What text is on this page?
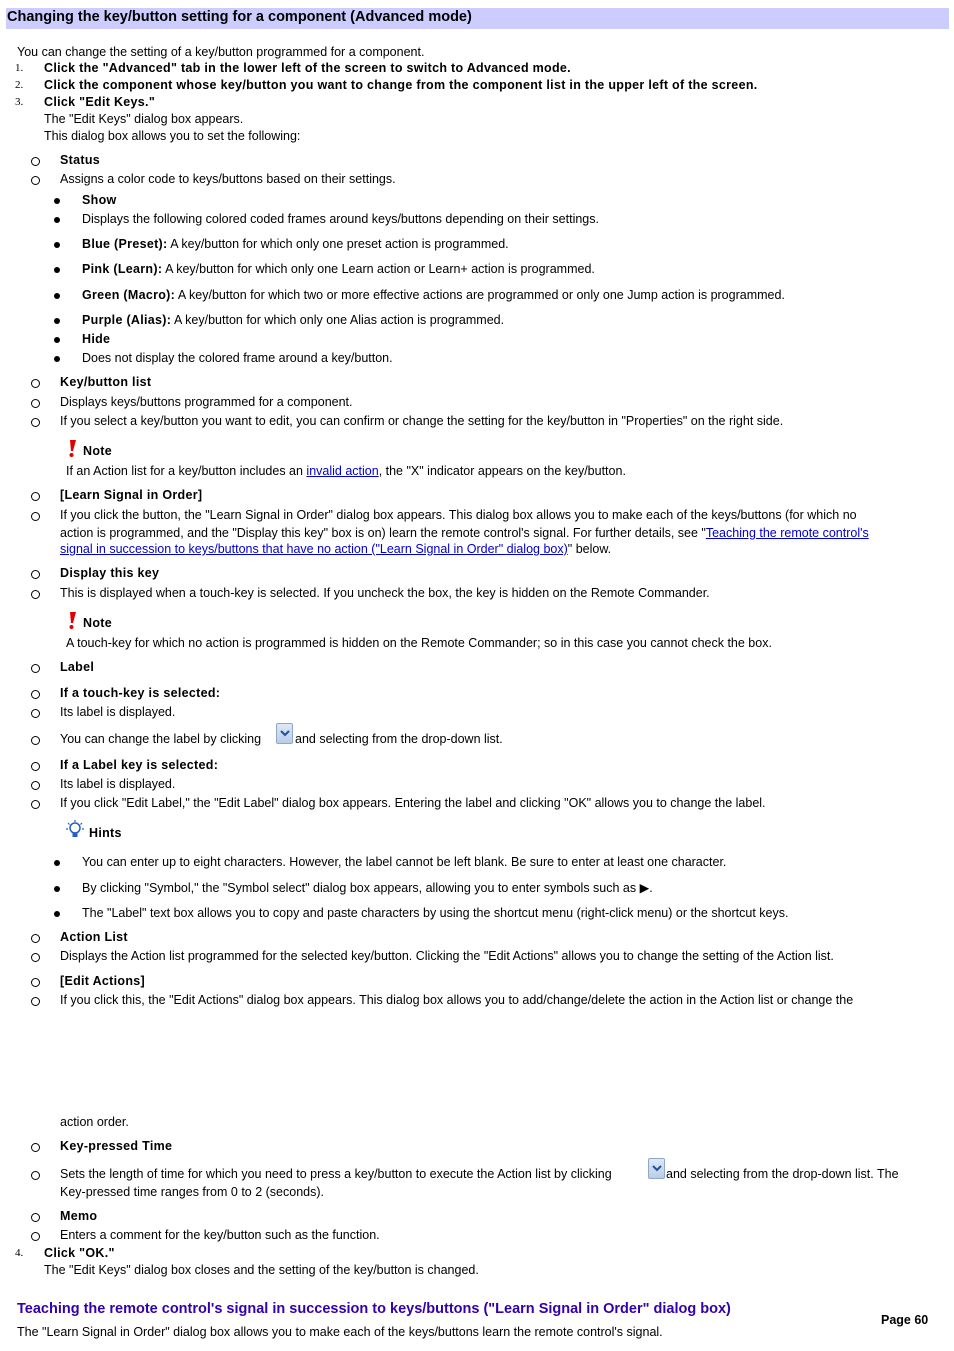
Changing the key/button setting for a component (Advanced mode)
You can change the setting of a key/button programmed for a component.
1. Click the "Advanced" tab in the lower left of the screen to switch to Advanced mode.
2. Click the component whose key/button you want to change from the component list in the upper left of the screen.
3. Click "Edit Keys."
The "Edit Keys" dialog box appears.
This dialog box allows you to set the following:
Status
Assigns a color code to keys/buttons based on their settings.
Show
Displays the following colored coded frames around keys/buttons depending on their settings.
Blue (Preset): A key/button for which only one preset action is programmed.
Pink (Learn): A key/button for which only one Learn action or Learn+ action is programmed.
Green (Macro): A key/button for which two or more effective actions are programmed or only one Jump action is programmed.
Purple (Alias): A key/button for which only one Alias action is programmed.
Hide
Does not display the colored frame around a key/button.
Key/button list
Displays keys/buttons programmed for a component.
If you select a key/button you want to edit, you can confirm or change the setting for the key/button in "Properties" on the right side.
Note
If an Action list for a key/button includes an invalid action, the "X" indicator appears on the key/button.
[Learn Signal in Order]
If you click the button, the "Learn Signal in Order" dialog box appears. This dialog box allows you to make each of the keys/buttons (for which no
action is programmed, and the "Display this key" box is on) learn the remote control's signal. For further details, see "Teaching the remote control's
signal in succession to keys/buttons that have no action ("Learn Signal in Order" dialog box)" below.
Display this key
This is displayed when a touch-key is selected. If you uncheck the box, the key is hidden on the Remote Commander.
Note
A touch-key for which no action is programmed is hidden on the Remote Commander; so in this case you cannot check the box.
Label
If a touch-key is selected:
Its label is displayed.
You can change the label by clicking	and selecting from the drop-down list.
If a Label key is selected:
Its label is displayed.
If you click "Edit Label," the "Edit Label" dialog box appears. Entering the label and clicking "OK" allows you to change the label.
Hints
You can enter up to eight characters. However, the label cannot be left blank. Be sure to enter at least one character.
By clicking "Symbol," the "Symbol select" dialog box appears, allowing you to enter symbols such as ▶.
The "Label" text box allows you to copy and paste characters by using the shortcut menu (right-click menu) or the shortcut keys.
Action List
Displays the Action list programmed for the selected key/button. Clicking the "Edit Actions" allows you to change the setting of the Action list.
[Edit Actions]
If you click this, the "Edit Actions" dialog box appears. This dialog box allows you to add/change/delete the action in the Action list or change the
action order.
Key-pressed Time
Sets the length of time for which you need to press a key/button to execute the Action list by clicking	and selecting from the drop-down list. The
Key-pressed time ranges from 0 to 2 (seconds).
Memo
Enters a comment for the key/button such as the function.
4. Click "OK."
The "Edit Keys" dialog box closes and the setting of the key/button is changed.
Teaching the remote control's signal in succession to keys/buttons ("Learn Signal in Order" dialog box)
Page 60
The "Learn Signal in Order" dialog box allows you to make each of the keys/buttons learn the remote control's signal.
